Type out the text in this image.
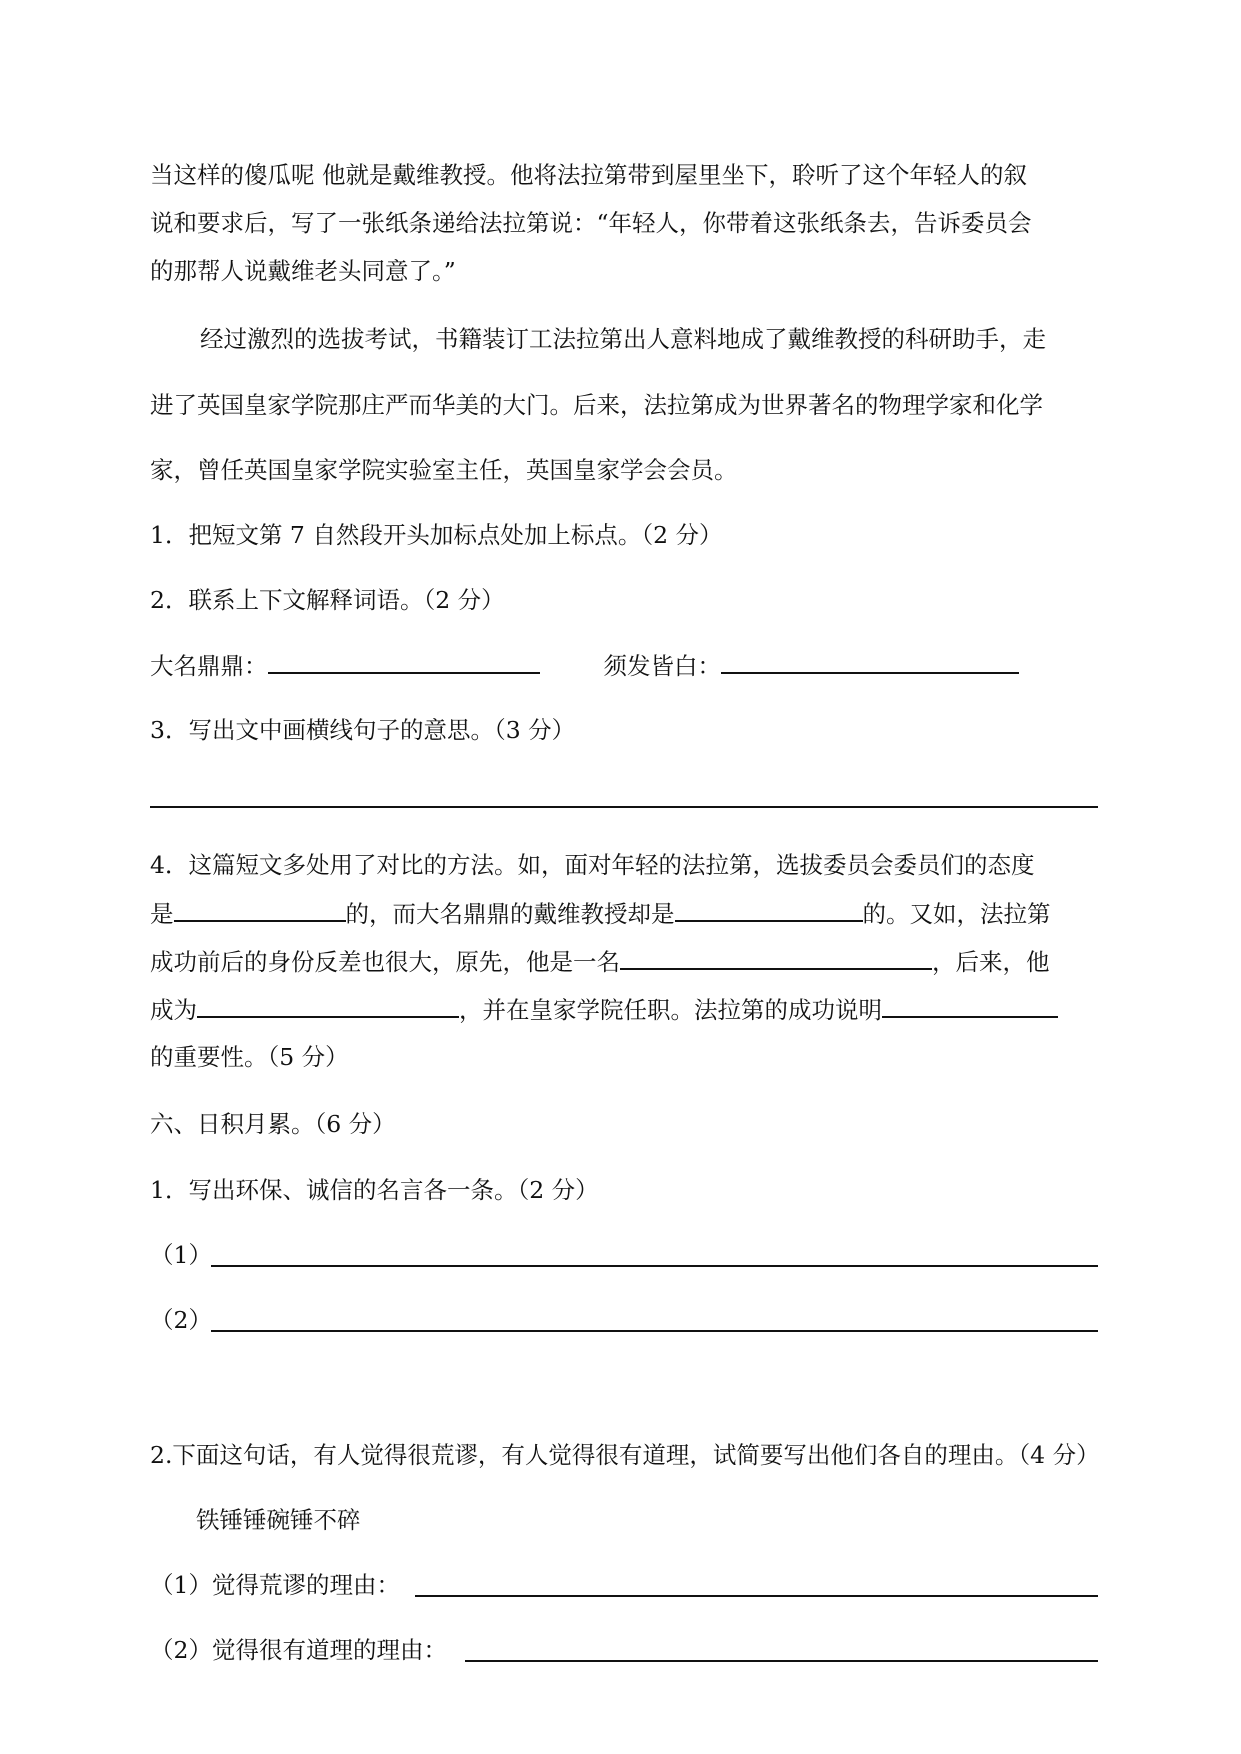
当这样的傻瓜呢 他就是戴维教授。他将法拉第带到屋里坐下，聆听了这个年轻人的叙
说和要求后，写了一张纸条递给法拉第说：“年轻人，你带着这张纸条去，告诉委员会
的那帮人说戴维老头同意了。”
经过激烈的选拔考试，书籍装订工法拉第出人意料地成了戴维教授的科研助手，走
进了英国皇家学院那庄严而华美的大门。后来，法拉第成为世界著名的物理学家和化学
家，曾任英国皇家学院实验室主任，英国皇家学会会员。
1．把短文第 7 自然段开头加标点处加上标点。（2 分）
2．联系上下文解释词语。（2 分）
大名鼎鼎：	须发皆白：
3．写出文中画横线句子的意思。（3 分）
4．这篇短文多处用了对比的方法。如，面对年轻的法拉第，选拔委员会委员们的态度
是	的，而大名鼎鼎的戴维教授却是	的。又如，法拉第
成功前后的身份反差也很大，原先，他是一名	，后来，他
成为	，并在皇家学院任职。法拉第的成功说明
的重要性。（5 分）
六、日积月累。（6 分）
1．写出环保、诚信的名言各一条。（2 分）
（1）
（2）
2.下面这句话，有人觉得很荒谬，有人觉得很有道理，试简要写出他们各自的理由。（4 分）
铁锤锤碗锤不碎
（1）觉得荒谬的理由：
（2）觉得很有道理的理由：
